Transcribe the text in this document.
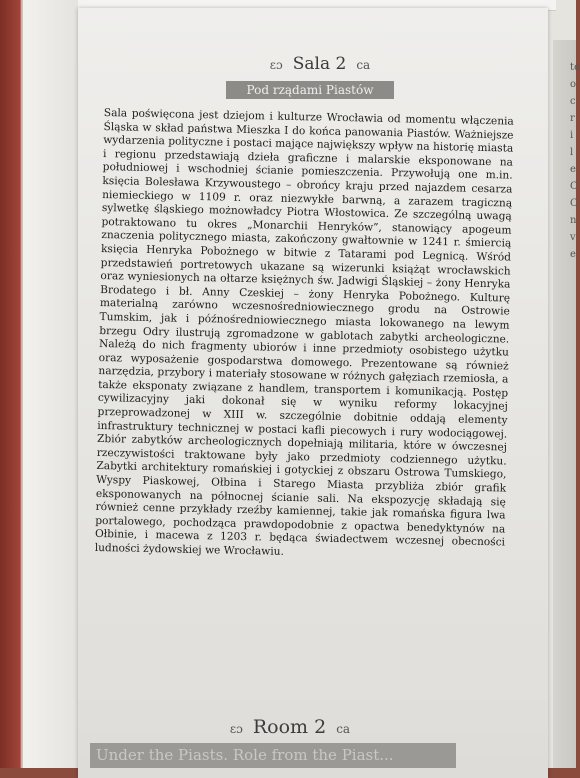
te
o
c
r
i
l
e
C
C
n
v
e
ɛɔ Sala 2 ca
Pod rządami Piastów
Sala poświęcona jest dziejom i kulturze Wrocławia od momentu włączenia Śląska w skład państwa Mieszka I do końca panowania Piastów. Ważniejsze wydarzenia polityczne i postaci mające największy wpływ na historię miasta i regionu przedstawiają dzieła graficzne i malarskie eksponowane na południowej i wschodniej ścianie pomieszczenia. Przywołują one m.in. księcia Bolesława Krzywoustego – obrońcy kraju przed najazdem cesarza niemieckiego w 1109 r. oraz niezwykłe barwną, a zarazem tragiczną sylwetkę śląskiego możnowładcy Piotra Włostowica. Ze szczególną uwagą potraktowano tu okres „Monarchii Henryków”, stanowiący apogeum znaczenia politycznego miasta, zakończony gwałtownie w 1241 r. śmiercią księcia Henryka Pobożnego w bitwie z Tatarami pod Legnicą. Wśród przedstawień portretowych ukazane są wizerunki książąt wrocławskich oraz wyniesionych na ołtarze księżnych św. Jadwigi Śląskiej – żony Henryka Brodatego i bł. Anny Czeskiej – żony Henryka Pobożnego. Kulturę materialną zarówno wczesnośredniowiecznego grodu na Ostrowie Tumskim, jak i późnośredniowiecznego miasta lokowanego na lewym brzegu Odry ilustrują zgromadzone w gablotach zabytki archeologiczne. Należą do nich fragmenty ubiorów i inne przedmioty osobistego użytku oraz wyposażenie gospodarstwa domowego. Prezentowane są również narzędzia, przybory i materiały stosowane w różnych gałęziach rzemiosła, a także eksponaty związane z handlem, transportem i komunikacją. Postęp cywilizacyjny jaki dokonał się w wyniku reformy lokacyjnej przeprowadzonej w XIII w. szczególnie dobitnie oddają elementy infrastruktury technicznej w postaci kafli piecowych i rury wodociągowej. Zbiór zabytków archeologicznych dopełniają militaria, które w ówczesnej rzeczywistości traktowane były jako przedmioty codziennego użytku. Zabytki architektury romańskiej i gotyckiej z obszaru Ostrowa Tumskiego, Wyspy Piaskowej, Ołbina i Starego Miasta przybliża zbiór grafik eksponowanych na północnej ścianie sali. Na ekspozycję składają się również cenne przykłady rzeźby kamiennej, takie jak romańska figura lwa portalowego, pochodząca prawdopodobnie z opactwa benedyktynów na Ołbinie, i macewa z 1203 r. będąca świadectwem wczesnej obecności ludności żydowskiej we Wrocławiu.
ɛɔ Room 2 ca
Under the Piasts. Role from the Piast...
